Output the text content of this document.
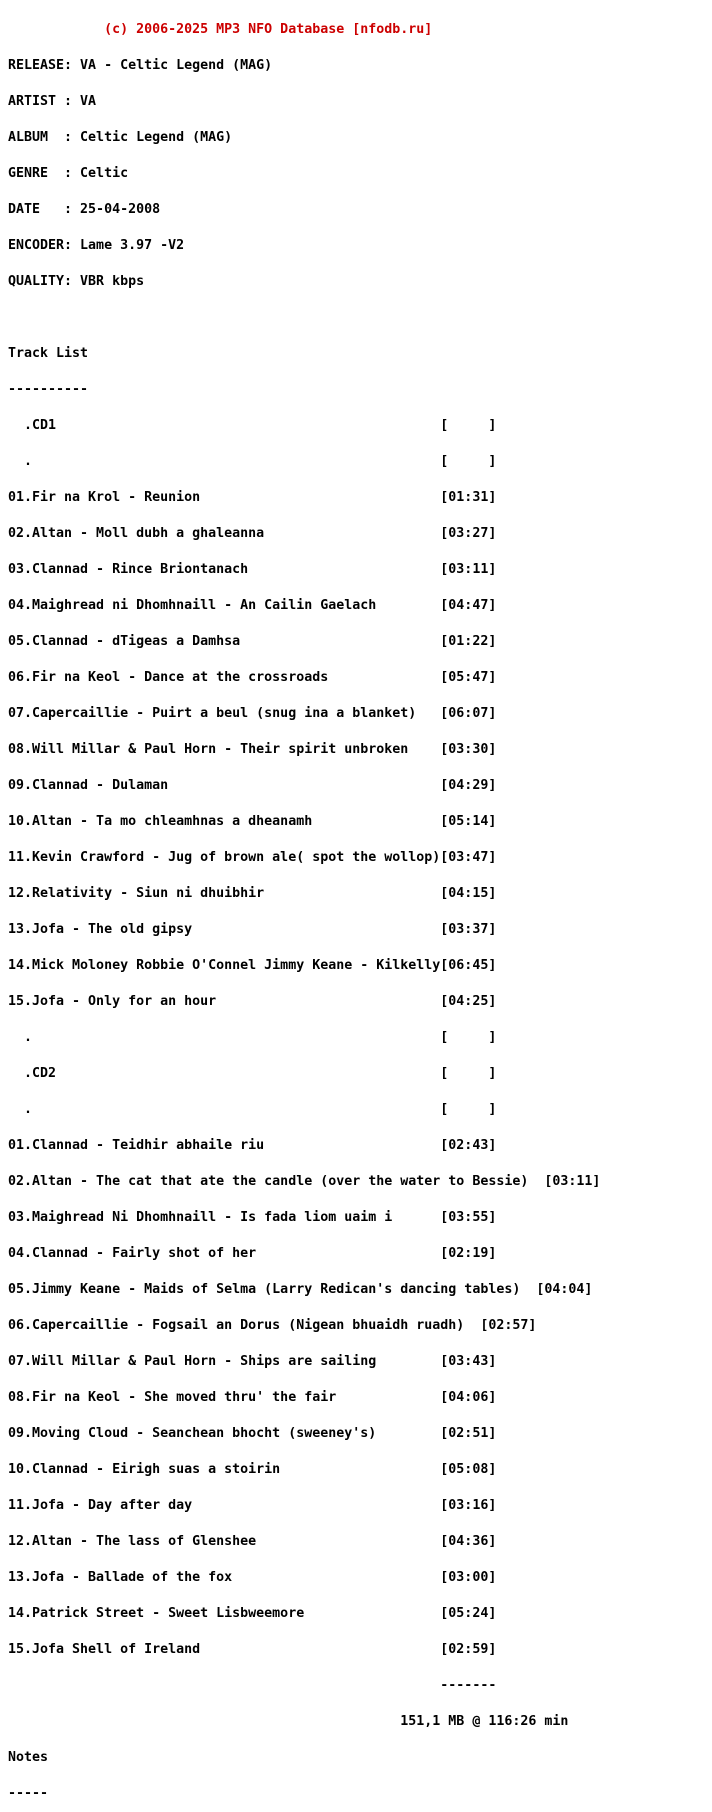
(c) 2006-2025 MP3 NFO Database [nfodb.ru]

RELEASE: VA - Celtic Legend (MAG)

ARTIST : VA

ALBUM  : Celtic Legend (MAG)

GENRE  : Celtic

DATE   : 25-04-2008

ENCODER: Lame 3.97 -V2

QUALITY: VBR kbps

Track List

----------

.CD1                                                [     ]

.                                                   [     ]

01.Fir na Krol - Reunion                              [01:31]

02.Altan - Moll dubh a ghaleanna                      [03:27]

03.Clannad - Rince Briontanach                        [03:11]

04.Maighread ni Dhomhnaill - An Cailin Gaelach        [04:47]

05.Clannad - dTigeas a Damhsa                         [01:22]

06.Fir na Keol - Dance at the crossroads              [05:47]

07.Capercaillie - Puirt a beul (snug ina a blanket)   [06:07]

08.Will Millar & Paul Horn - Their spirit unbroken    [03:30]

09.Clannad - Dulaman                                  [04:29]

10.Altan - Ta mo chleamhnas a dheanamh                [05:14]

11.Kevin Crawford - Jug of brown ale( spot the wollop)[03:47]

12.Relativity - Siun ni dhuibhir                      [04:15]

13.Jofa - The old gipsy                               [03:37]

14.Mick Moloney Robbie O'Connel Jimmy Keane - Kilkelly[06:45]

15.Jofa - Only for an hour                            [04:25]

.                                                   [     ]

.CD2                                                [     ]

.                                                   [     ]

01.Clannad - Teidhir abhaile riu                      [02:43]

02.Altan - The cat that ate the candle (over the water to Bessie)  [03:11]

03.Maighread Ni Dhomhnaill - Is fada liom uaim i      [03:55]

04.Clannad - Fairly shot of her                       [02:19]

05.Jimmy Keane - Maids of Selma (Larry Redican's dancing tables)  [04:04]

06.Capercaillie - Fogsail an Dorus (Nigean bhuaidh ruadh)  [02:57]

07.Will Millar & Paul Horn - Ships are sailing        [03:43]

08.Fir na Keol - She moved thru' the fair             [04:06]

09.Moving Cloud - Seanchean bhocht (sweeney's)        [02:51]

10.Clannad - Eirigh suas a stoirin                    [05:08]

11.Jofa - Day after day                               [03:16]

12.Altan - The lass of Glenshee                       [04:36]

13.Jofa - Ballade of the fox                          [03:00]

14.Patrick Street - Sweet Lisbweemore                 [05:24]

15.Jofa Shell of Ireland                              [02:59]

-------

151,1 MB @ 116:26 min

Notes

-----
